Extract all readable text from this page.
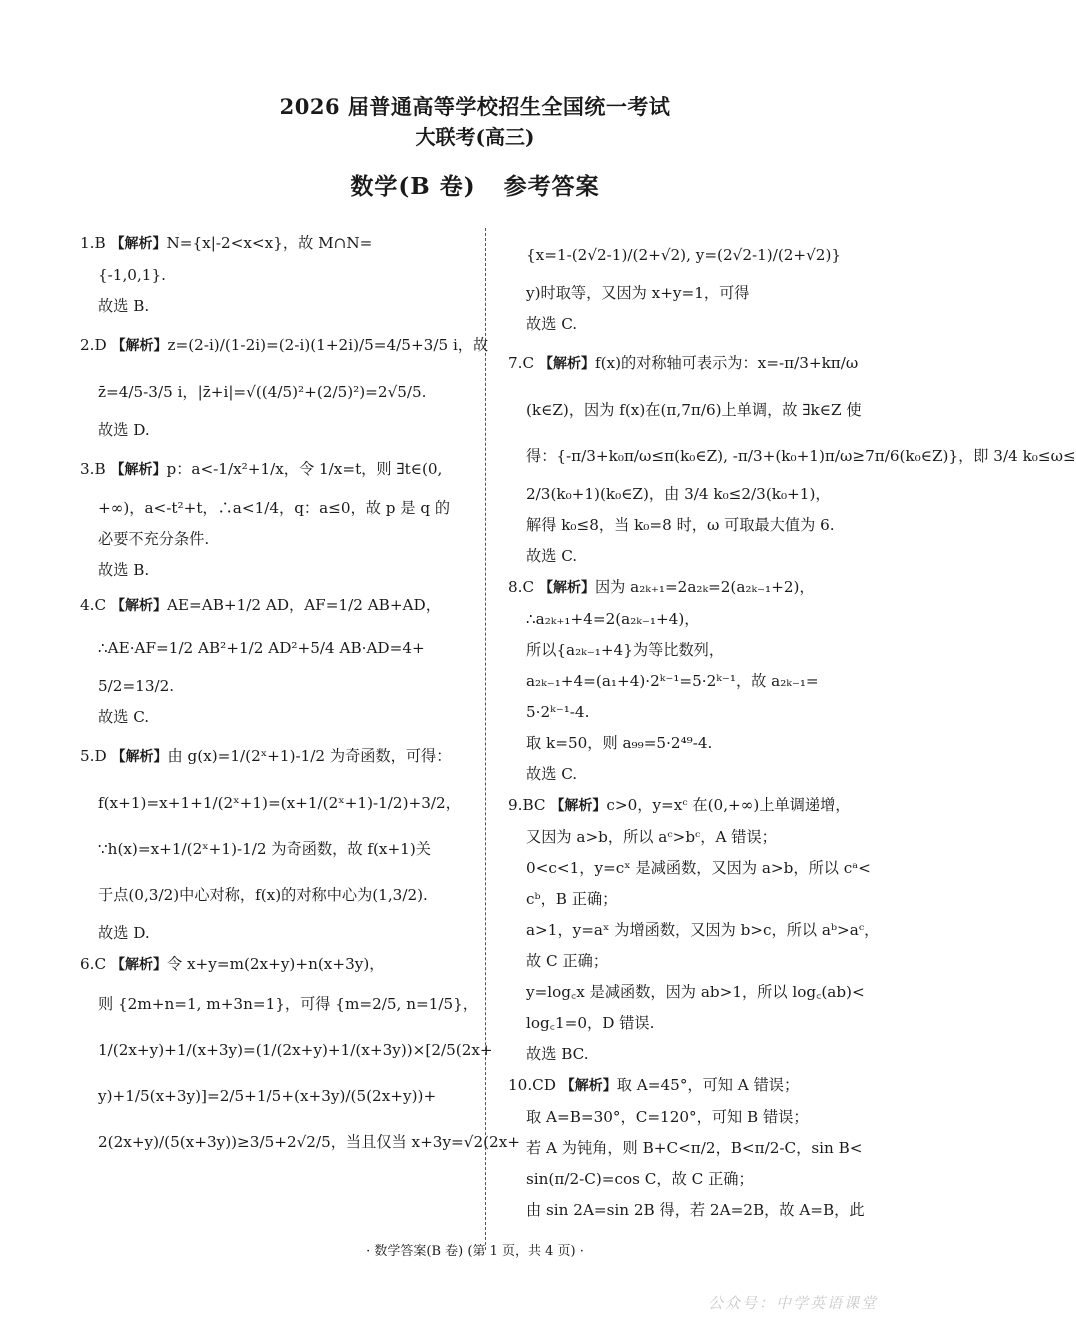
2026 届普通高等学校招生全国统一考试
大联考(高三)
数学(B 卷) 参考答案
1.B 【解析】N={x|-2<x<x}，故 M∩N=
{-1,0,1}.
故选 B.
2.D 【解析】z=(2-i)/(1-2i)=(2-i)(1+2i)/5=4/5+3/5 i，故
z̄=4/5-3/5 i，|z̄+i|=√((4/5)²+(2/5)²)=2√5/5.
故选 D.
3.B 【解析】p：a<-1/x²+1/x，令 1/x=t，则 ∃t∈(0,
+∞)，a<-t²+t，∴a<1/4，q：a≤0，故 p 是 q 的
必要不充分条件.
故选 B.
4.C 【解析】AE=AB+1/2 AD，AF=1/2 AB+AD，
∴AE·AF=1/2 AB²+1/2 AD²+5/4 AB·AD=4+
5/2=13/2.
故选 C.
5.D 【解析】由 g(x)=1/(2ˣ+1)-1/2 为奇函数，可得：
f(x+1)=x+1+1/(2ˣ+1)=(x+1/(2ˣ+1)-1/2)+3/2，
∵h(x)=x+1/(2ˣ+1)-1/2 为奇函数，故 f(x+1)关
于点(0,3/2)中心对称，f(x)的对称中心为(1,3/2).
故选 D.
6.C 【解析】令 x+y=m(2x+y)+n(x+3y)，
则 {2m+n=1, m+3n=1}，可得 {m=2/5, n=1/5}，
1/(2x+y)+1/(x+3y)=(1/(2x+y)+1/(x+3y))×[2/5(2x+
y)+1/5(x+3y)]=2/5+1/5+(x+3y)/(5(2x+y))+
2(2x+y)/(5(x+3y))≥3/5+2√2/5，当且仅当 x+3y=√2(2x+
{x=1-(2√2-1)/(2+√2), y=(2√2-1)/(2+√2)}
y)时取等，又因为 x+y=1，可得
故选 C.
7.C 【解析】f(x)的对称轴可表示为：x=-π/3+kπ/ω
(k∈Z)，因为 f(x)在(π,7π/6)上单调，故 ∃k∈Z 使
得：{-π/3+k₀π/ω≤π(k₀∈Z), -π/3+(k₀+1)π/ω≥7π/6(k₀∈Z)}，即 3/4 k₀≤ω≤
2/3(k₀+1)(k₀∈Z)，由 3/4 k₀≤2/3(k₀+1)，
解得 k₀≤8，当 k₀=8 时，ω 可取最大值为 6.
故选 C.
8.C 【解析】因为 a₂ₖ₊₁=2a₂ₖ=2(a₂ₖ₋₁+2)，
∴a₂ₖ₊₁+4=2(a₂ₖ₋₁+4)，
所以{a₂ₖ₋₁+4}为等比数列，
a₂ₖ₋₁+4=(a₁+4)·2ᵏ⁻¹=5·2ᵏ⁻¹，故 a₂ₖ₋₁=
5·2ᵏ⁻¹-4.
取 k=50，则 a₉₉=5·2⁴⁹-4.
故选 C.
9.BC 【解析】c>0，y=xᶜ 在(0,+∞)上单调递增，
又因为 a>b，所以 aᶜ>bᶜ，A 错误；
0<c<1，y=cˣ 是减函数，又因为 a>b，所以 cᵃ<
cᵇ，B 正确；
a>1，y=aˣ 为增函数，又因为 b>c，所以 aᵇ>aᶜ，
故 C 正确；
y=log꜀x 是减函数，因为 ab>1，所以 log꜀(ab)<
log꜀1=0，D 错误.
故选 BC.
10.CD 【解析】取 A=45°，可知 A 错误；
取 A=B=30°，C=120°，可知 B 错误；
若 A 为钝角，则 B+C<π/2，B<π/2-C，sin B<
sin(π/2-C)=cos C，故 C 正确；
由 sin 2A=sin 2B 得，若 2A=2B，故 A=B，此
· 数学答案(B 卷) (第 1 页，共 4 页) ·
公众号：中学英语课堂
